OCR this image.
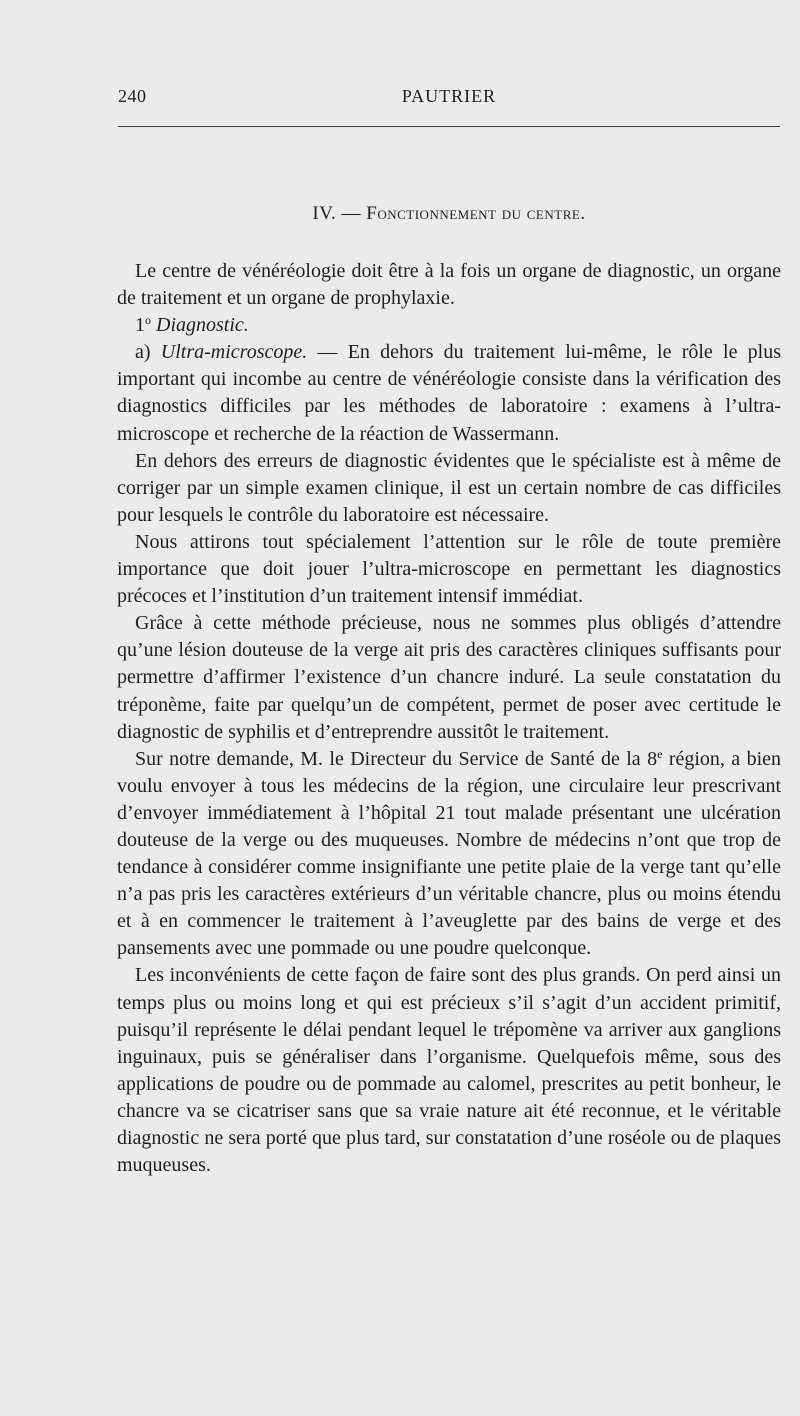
240	PAUTRIER
IV. — Fonctionnement du centre.

Le centre de vénéréologie doit être à la fois un organe de diagnostic, un organe de traitement et un organe de prophylaxie.

1$^o$ Diagnostic.

a) Ultra-microscope. — En dehors du traitement lui-même, le rôle le plus important qui incombe au centre de vénéréologie consiste dans la vérification des diagnostics difficiles par les méthodes de laboratoire : examens à l’ultra-microscope et recherche de la réaction de Wassermann.

En dehors des erreurs de diagnostic évidentes que le spécialiste est à même de corriger par un simple examen clinique, il est un certain nombre de cas difficiles pour lesquels le contrôle du laboratoire est nécessaire.

Nous attirons tout spécialement l’attention sur le rôle de toute première importance que doit jouer l’ultra-microscope en permettant les diagnostics précoces et l’institution d’un traitement intensif immédiat.

Grâce à cette méthode précieuse, nous ne sommes plus obligés d’attendre qu’une lésion douteuse de la verge ait pris des caractères cliniques suffisants pour permettre d’affirmer l’existence d’un chancre induré. La seule constatation du tréponème, faite par quelqu’un de compétent, permet de poser avec certitude le diagnostic de syphilis et d’entreprendre aussitôt le traitement.

Sur notre demande, M. le Directeur du Service de Santé de la 8e région, a bien voulu envoyer à tous les médecins de la région, une circulaire leur prescrivant d’envoyer immédiatement à l’hôpital 21 tout malade présentant une ulcération douteuse de la verge ou des muqueuses. Nombre de médecins n’ont que trop de tendance à considérer comme insignifiante une petite plaie de la verge tant qu’elle n’a pas pris les caractères extérieurs d’un véritable chancre, plus ou moins étendu et à en commencer le traitement à l’aveuglette par des bains de verge et des pansements avec une pommade ou une poudre quelconque.

Les inconvénients de cette façon de faire sont des plus grands. On perd ainsi un temps plus ou moins long et qui est précieux s’il s’agit d’un accident primitif, puisqu’il représente le délai pendant lequel le trépomène va arriver aux ganglions inguinaux, puis se généraliser dans l’organisme. Quelquefois même, sous des applications de poudre ou de pommade au calomel, prescrites au petit bonheur, le chancre va se cicatriser sans que sa vraie nature ait été reconnue, et le véritable diagnostic ne sera porté que plus tard, sur constatation d’une roséole ou de plaques muqueuses.
